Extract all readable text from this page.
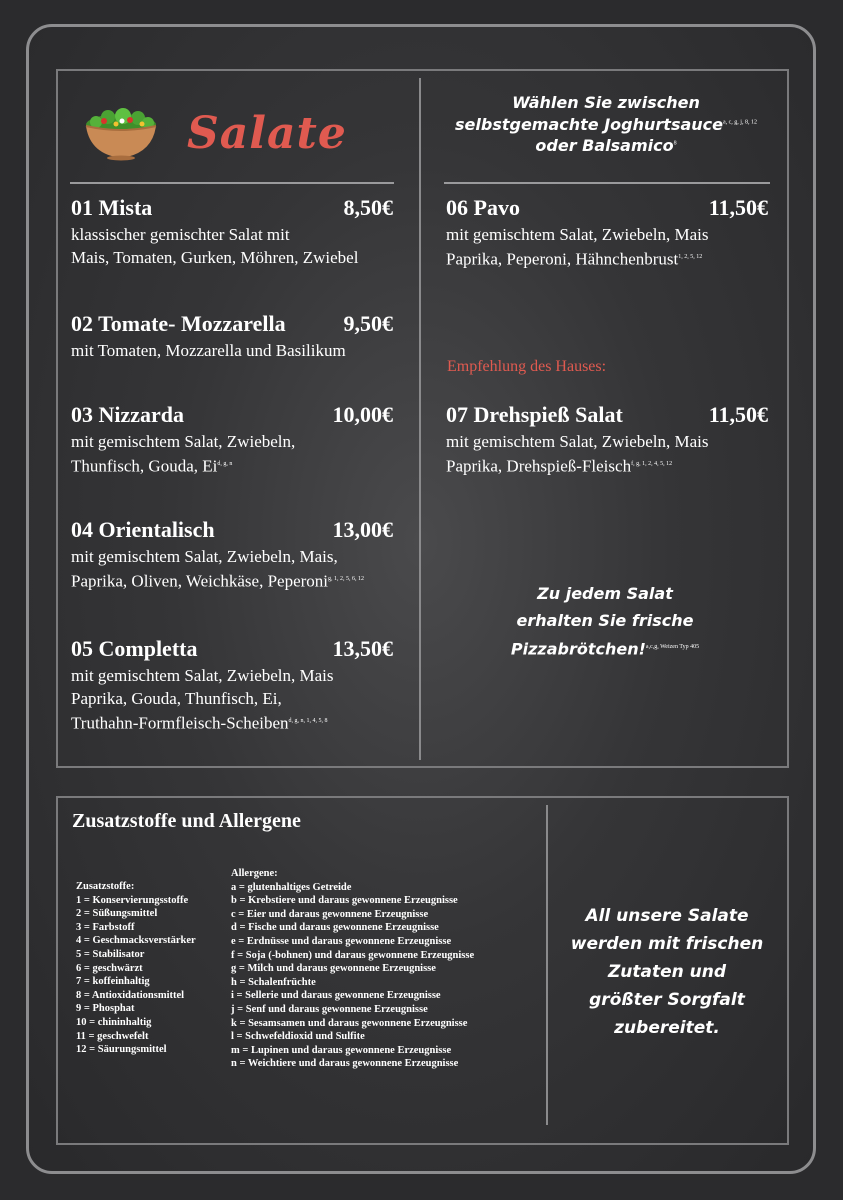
Salate
Wählen Sie zwischen
selbstgemachte Joghurtsauce$^{a, c, g, j, 8, 12}$
oder Balsamico$^8$
01 Mista	8,50€
klassischer gemischter Salat mit
Mais, Tomaten, Gurken, Möhren, Zwiebel
02 Tomate- Mozzarella	9,50€
mit Tomaten, Mozzarella und Basilikum
03 Nizzarda	10,00€
mit gemischtem Salat, Zwiebeln,
Thunfisch, Gouda, Ei$^{d, g, n}$
04 Orientalisch	13,00€
mit gemischtem Salat, Zwiebeln, Mais,
Paprika, Oliven, Weichkäse, Peperoni$^{g, 1, 2, 5, 6, 12}$
05 Completta	13,50€
mit gemischtem Salat, Zwiebeln, Mais
Paprika, Gouda, Thunfisch, Ei,
Truthahn-Formfleisch-Scheiben$^{d, g, n, 1, 4, 5, 8}$
06 Pavo	11,50€
mit gemischtem Salat, Zwiebeln, Mais
Paprika, Peperoni, Hähnchenbrust$^{1, 2, 5, 12}$
Empfehlung des Hauses:
07 Drehspieß Salat	11,50€
mit gemischtem Salat, Zwiebeln, Mais
Paprika, Drehspieß-Fleisch$^{f, g, 1, 2, 4, 5, 12}$
Zu jedem Salat
erhalten Sie frische
Pizzabrötchen!$^{a,c,g, Weizen Typ 405}$
Zusatzstoffe und Allergene
Zusatzstoffe:
1 = Konservierungsstoffe
2 = Süßungsmittel
3 = Farbstoff
4 = Geschmacksverstärker
5 = Stabilisator
6 = geschwärzt
7 = koffeinhaltig
8 = Antioxidationsmittel
9 = Phosphat
10 = chininhaltig
11 = geschwefelt
12 = Säurungsmittel
Allergene:
a = glutenhaltiges Getreide
b = Krebstiere und daraus gewonnene Erzeugnisse
c = Eier und daraus gewonnene Erzeugnisse
d = Fische und daraus gewonnene Erzeugnisse
e = Erdnüsse und daraus gewonnene Erzeugnisse
f = Soja (-bohnen) und daraus gewonnene Erzeugnisse
g = Milch und daraus gewonnene Erzeugnisse
h = Schalenfrüchte
i = Sellerie und daraus gewonnene Erzeugnisse
j = Senf und daraus gewonnene Erzeugnisse
k = Sesamsamen und daraus gewonnene Erzeugnisse
l = Schwefeldioxid und Sulfite
m = Lupinen und daraus gewonnene Erzeugnisse
n = Weichtiere und daraus gewonnene Erzeugnisse
All unsere Salate
werden mit frischen
Zutaten und
größter Sorgfalt
zubereitet.
